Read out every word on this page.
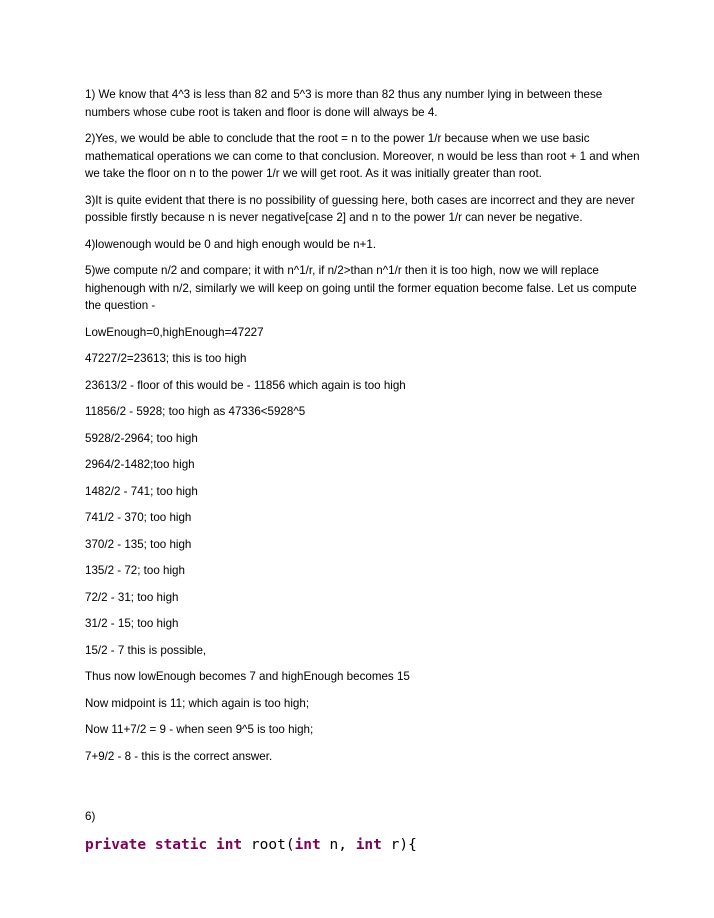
1) We know that 4^3 is less than 82 and 5^3 is more than 82 thus any number lying in between these numbers whose cube root is taken and floor is done will always be 4.

2)Yes, we would be able to conclude that the root = n to the power 1/r because when we use basic mathematical operations we can come to that conclusion. Moreover, n would be less than root + 1 and when we take the floor on n to the power 1/r we will get root. As it was initially greater than root.

3)It is quite evident that there is no possibility of guessing here, both cases are incorrect and they are never possible firstly because n is never negative[case 2] and n to the power 1/r can never be negative.

4)lowenough would be 0 and high enough would be n+1.

5)we compute n/2 and compare; it with n^1/r, if n/2>than n^1/r then it is too high, now we will replace highenough with n/2, similarly we will keep on going until the former equation become false. Let us compute the question -

LowEnough=0,highEnough=47227

47227/2=23613; this is too high

23613/2 - floor of this would be - 11856 which again is too high

11856/2 - 5928; too high as 47336<5928^5

5928/2-2964; too high

2964/2-1482;too high

1482/2 - 741; too high

741/2 - 370; too high

370/2 - 135; too high

135/2 - 72; too high

72/2 - 31; too high

31/2 - 15; too high

15/2 - 7 this is possible,

Thus now lowEnough becomes 7 and highEnough becomes 15

Now midpoint is 11; which again is too high;

Now 11+7/2 = 9 - when seen 9^5 is too high;

7+9/2 - 8 - this is the correct answer.

6)

private static int root(int n, int r){
